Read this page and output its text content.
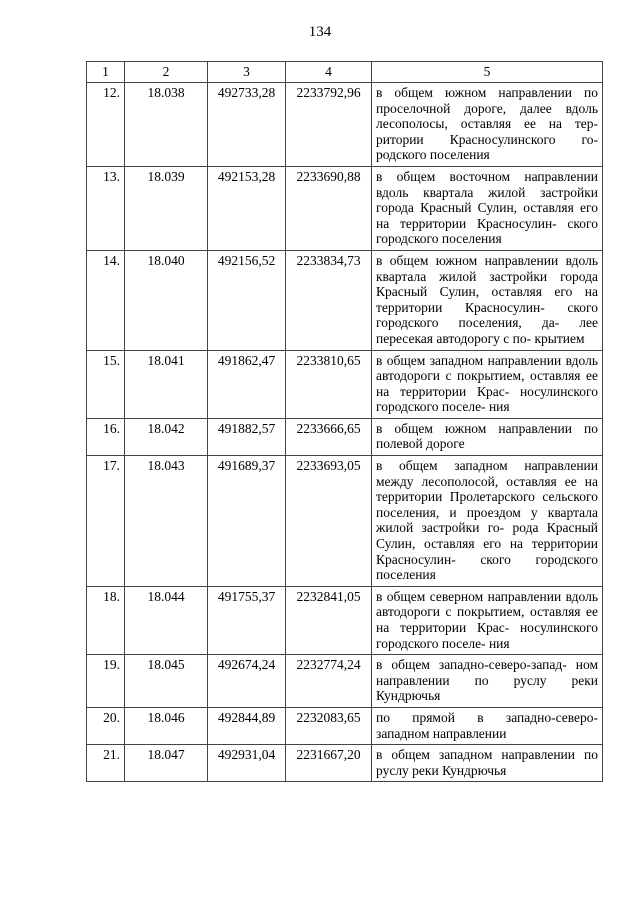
134
1	2	3	4	5
12.	18.038	492733,28	2233792,96	в общем южном направлении по проселочной дороге, далее вдоль лесополосы, оставляя ее на тер- ритории Красносулинского го- родского поселения
13.	18.039	492153,28	2233690,88	в общем восточном направлении вдоль квартала жилой застройки города Красный Сулин, оставляя его на территории Красносулин- ского городского поселения
14.	18.040	492156,52	2233834,73	в общем южном направлении вдоль квартала жилой застройки города Красный Сулин, оставляя его на территории Красносулин- ского городского поселения, да- лее пересекая автодорогу с по- крытием
15.	18.041	491862,47	2233810,65	в общем западном направлении вдоль автодороги с покрытием, оставляя ее на территории Крас- носулинского городского поселе- ния
16.	18.042	491882,57	2233666,65	в общем южном направлении по полевой дороге
17.	18.043	491689,37	2233693,05	в общем западном направлении между лесополосой, оставляя ее на территории Пролетарского сельского поселения, и проездом у квартала жилой застройки го- рода Красный Сулин, оставляя его на территории Красносулин- ского городского поселения
18.	18.044	491755,37	2232841,05	в общем северном направлении вдоль автодороги с покрытием, оставляя ее на территории Крас- носулинского городского поселе- ния
19.	18.045	492674,24	2232774,24	в общем западно-северо-запад- ном направлении по руслу реки Кундрючья
20.	18.046	492844,89	2232083,65	по прямой в западно-северо- западном направлении
21.	18.047	492931,04	2231667,20	в общем западном направлении по руслу реки Кундрючья
